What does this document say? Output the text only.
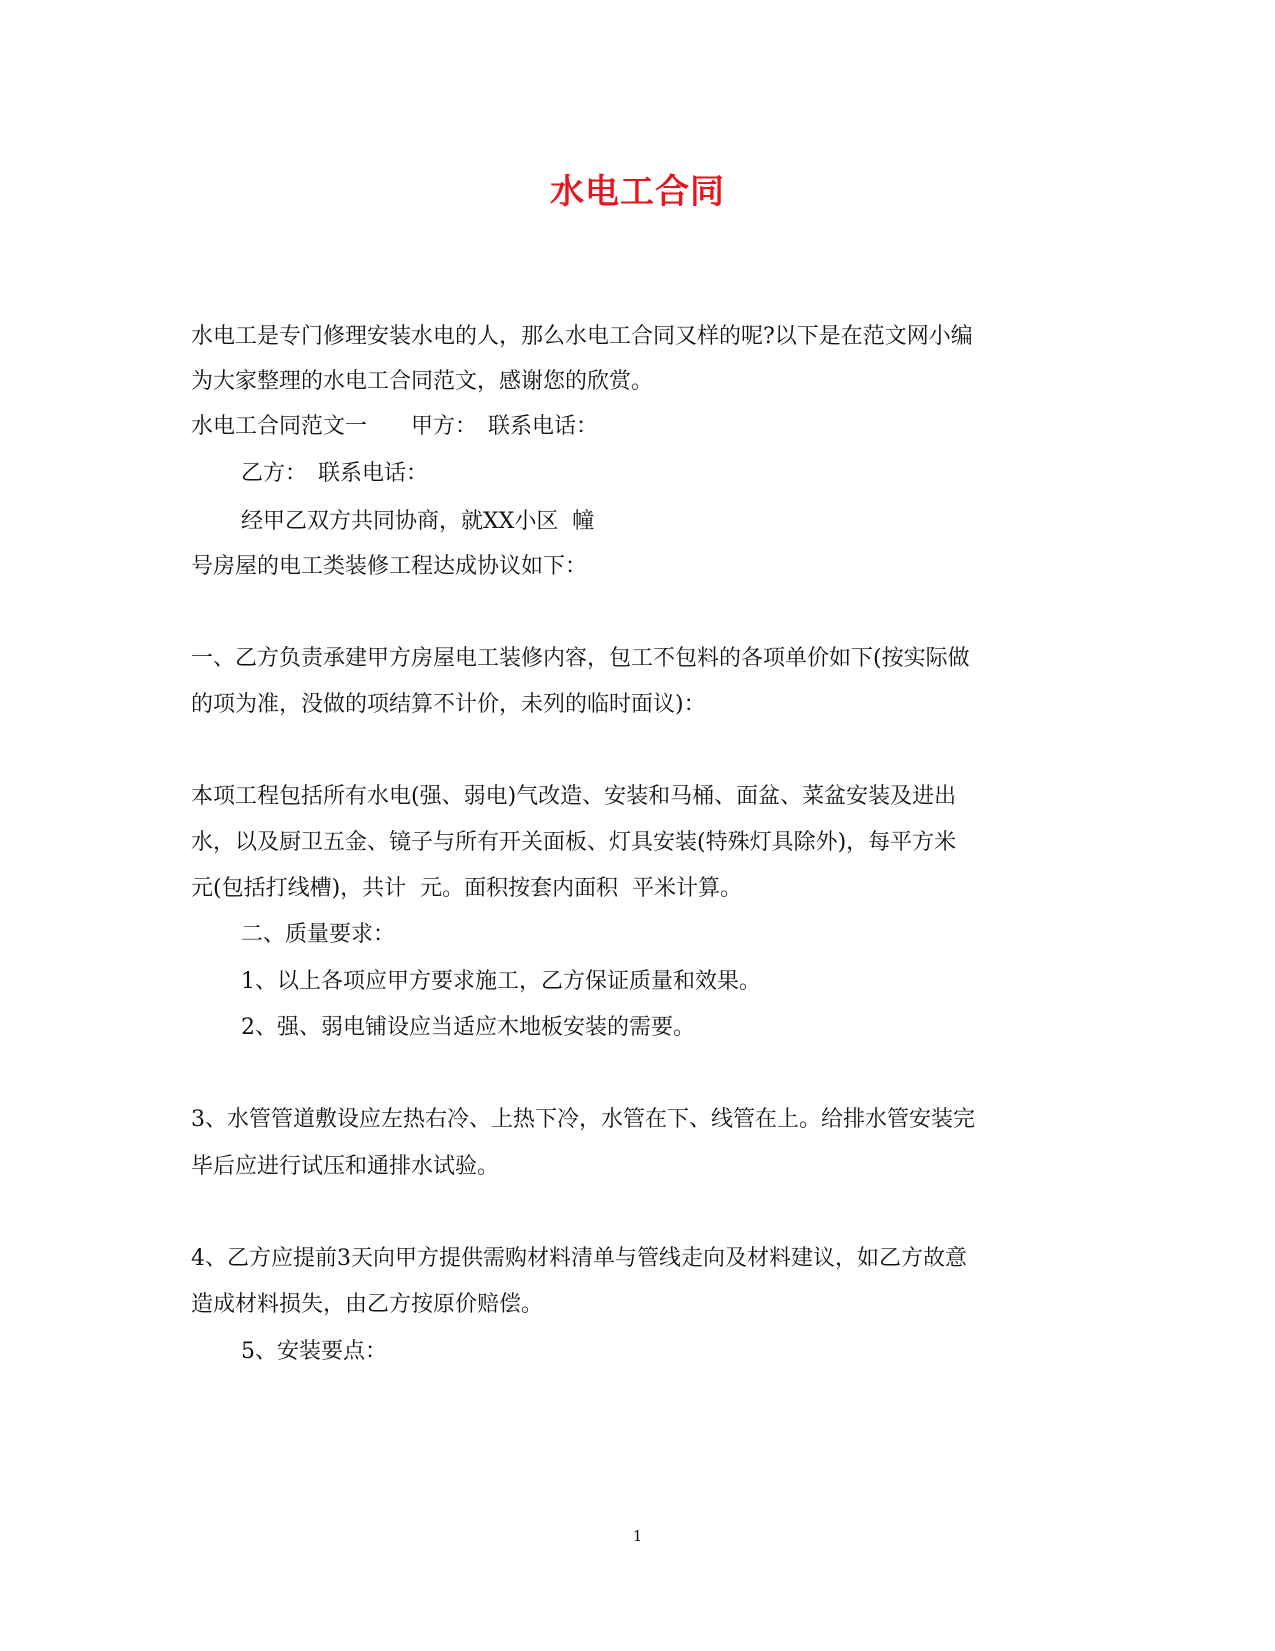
水电工合同
水电工是专门修理安装水电的人，那么水电工合同又样的呢?以下是在范文网小编
为大家整理的水电工合同范文，感谢您的欣赏。
水电工合同范文一　　甲方：　联系电话：
乙方：　联系电话：
经甲乙双方共同协商，就XX小区  幢
号房屋的电工类装修工程达成协议如下：
一、乙方负责承建甲方房屋电工装修内容，包工不包料的各项单价如下(按实际做
的项为准，没做的项结算不计价，未列的临时面议)：
本项工程包括所有水电(强、弱电)气改造、安装和马桶、面盆、菜盆安装及进出
水，以及厨卫五金、镜子与所有开关面板、灯具安装(特殊灯具除外)，每平方米
元(包括打线槽)，共计  元。面积按套内面积  平米计算。
二、质量要求：
1、以上各项应甲方要求施工，乙方保证质量和效果。
2、强、弱电铺设应当适应木地板安装的需要。
3、水管管道敷设应左热右冷、上热下冷，水管在下、线管在上。给排水管安装完
毕后应进行试压和通排水试验。
4、乙方应提前3天向甲方提供需购材料清单与管线走向及材料建议，如乙方故意
造成材料损失，由乙方按原价赔偿。
5、安装要点：
1
